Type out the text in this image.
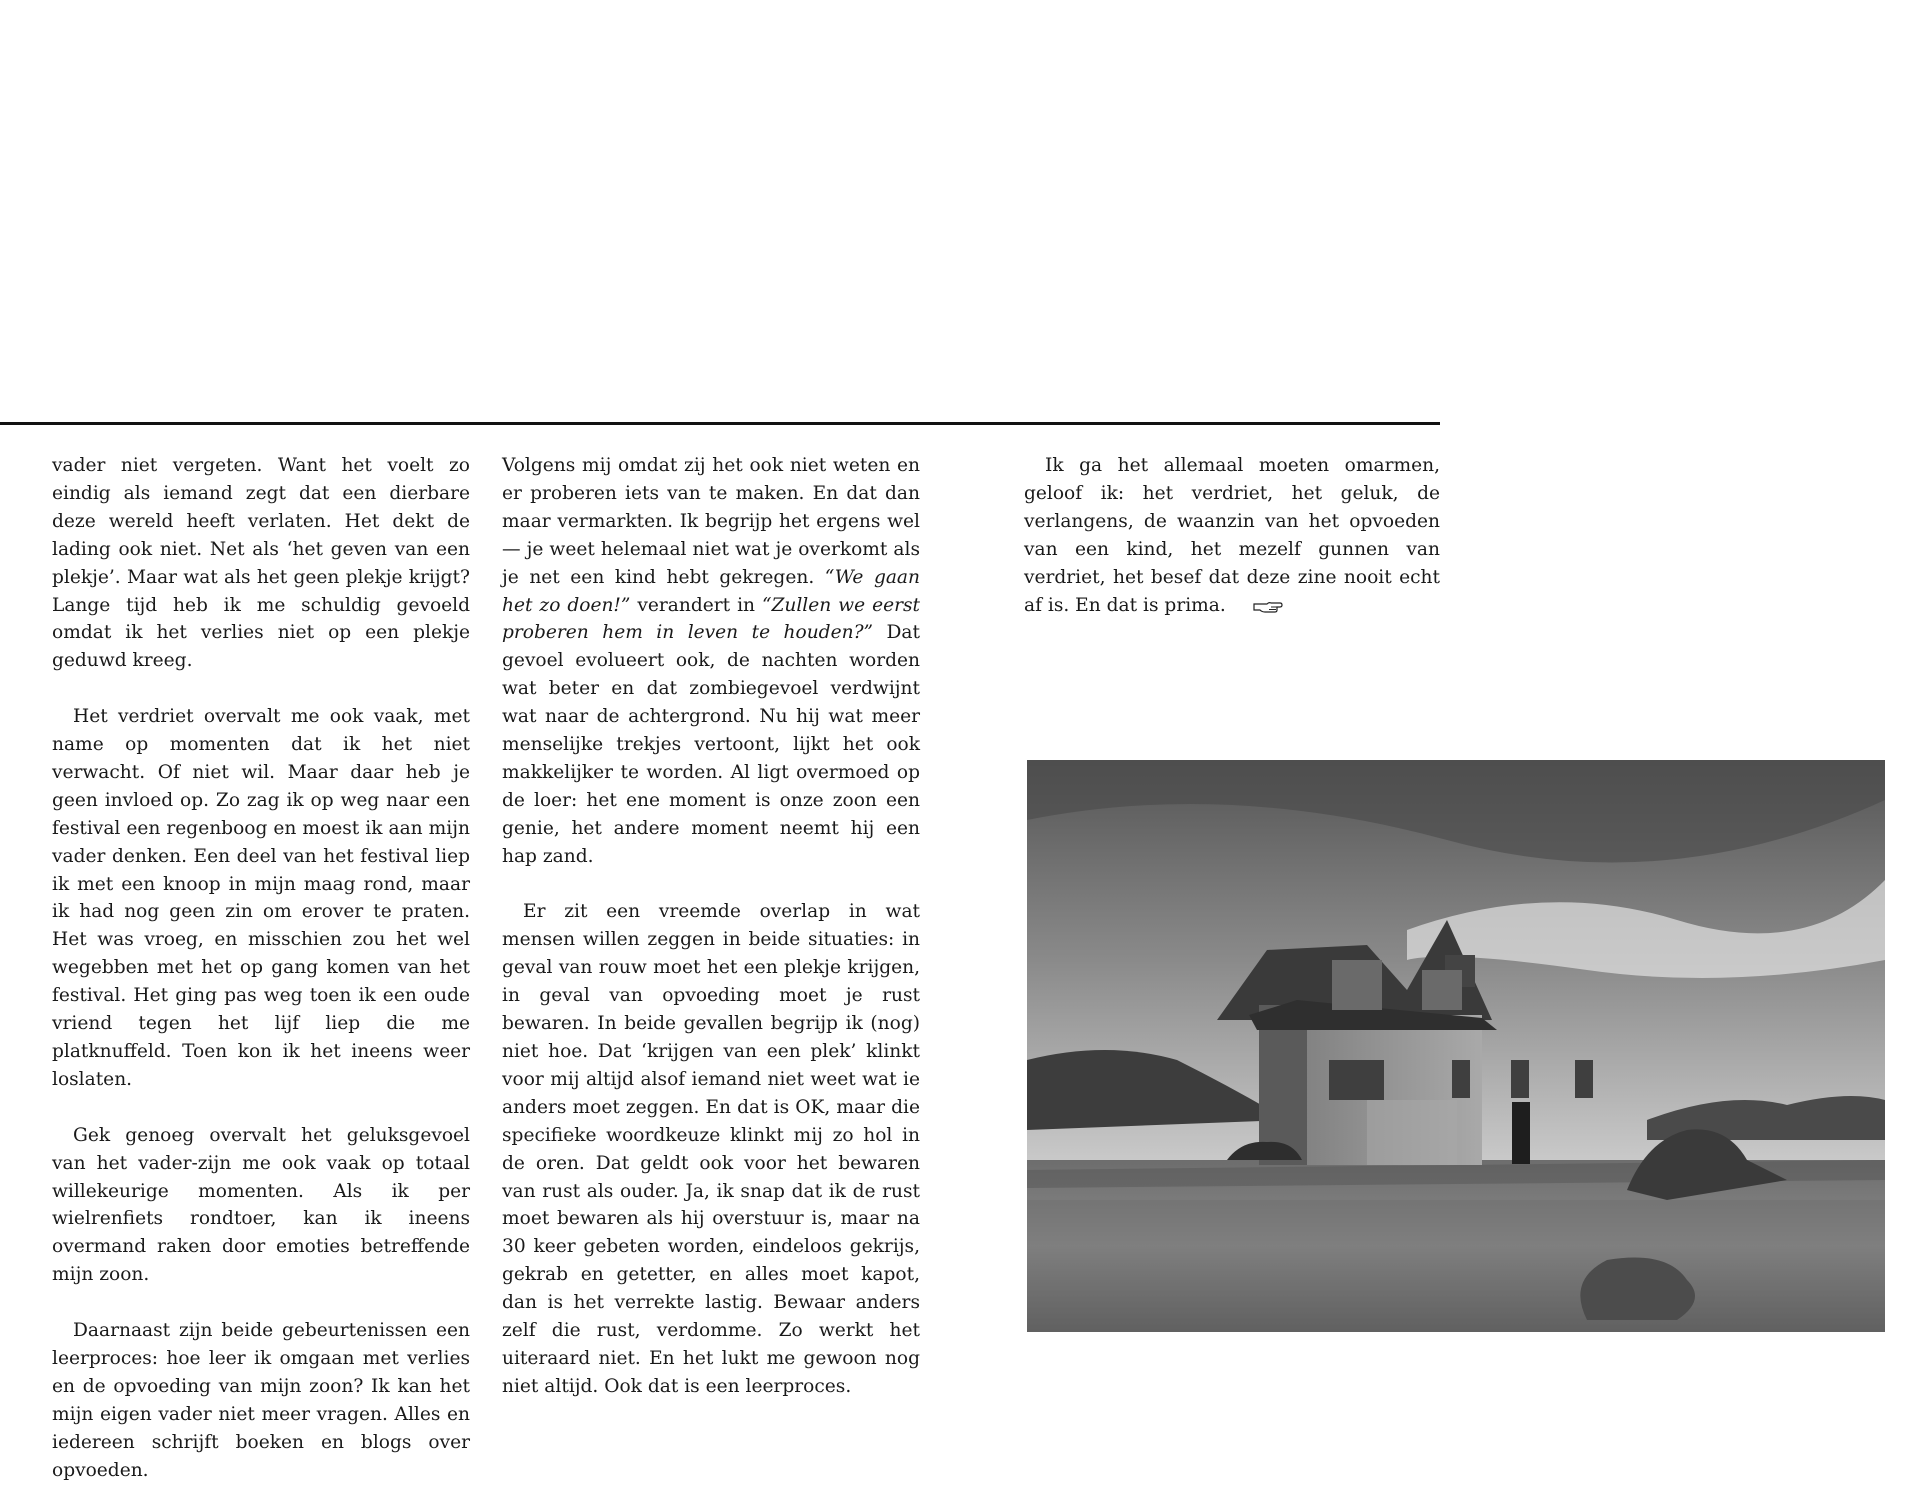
vader niet vergeten. Want het voelt zo eindig als iemand zegt dat een dierbare deze wereld heeft verlaten. Het dekt de lading ook niet. Net als ‘het geven van een plekje’. Maar wat als het geen plekje krijgt? Lange tijd heb ik me schuldig gevoeld omdat ik het verlies niet op een plekje geduwd kreeg.

Het verdriet overvalt me ook vaak, met name op momenten dat ik het niet verwacht. Of niet wil. Maar daar heb je geen invloed op. Zo zag ik op weg naar een festival een regenboog en moest ik aan mijn vader denken. Een deel van het festival liep ik met een knoop in mijn maag rond, maar ik had nog geen zin om erover te praten. Het was vroeg, en misschien zou het wel wegebben met het op gang komen van het festival. Het ging pas weg toen ik een oude vriend tegen het lijf liep die me platknuffeld. Toen kon ik het ineens weer loslaten.

Gek genoeg overvalt het geluksgevoel van het vader-zijn me ook vaak op totaal willekeurige momenten. Als ik per wielrenfiets rondtoer, kan ik ineens overmand raken door emoties betreffende mijn zoon.

Daarnaast zijn beide gebeurtenissen een leerproces: hoe leer ik omgaan met verlies en de opvoeding van mijn zoon? Ik kan het mijn eigen vader niet meer vragen. Alles en iedereen schrijft boeken en blogs over opvoeden.

Volgens mij omdat zij het ook niet weten en er proberen iets van te maken. En dat dan maar vermarkten. Ik begrijp het ergens wel — je weet helemaal niet wat je overkomt als je net een kind hebt gekregen. “We gaan het zo doen!” verandert in “Zullen we eerst proberen hem in leven te houden?” Dat gevoel evolueert ook, de nachten worden wat beter en dat zombiegevoel verdwijnt wat naar de achtergrond. Nu hij wat meer menselijke trekjes vertoont, lijkt het ook makkelijker te worden. Al ligt overmoed op de loer: het ene moment is onze zoon een genie, het andere moment neemt hij een hap zand.

Er zit een vreemde overlap in wat mensen willen zeggen in beide situaties: in geval van rouw moet het een plekje krijgen, in geval van opvoeding moet je rust bewaren. In beide gevallen begrijp ik (nog) niet hoe. Dat ‘krijgen van een plek’ klinkt voor mij altijd alsof iemand niet weet wat ie anders moet zeggen. En dat is OK, maar die specifieke woordkeuze klinkt mij zo hol in de oren. Dat geldt ook voor het bewaren van rust als ouder. Ja, ik snap dat ik de rust moet bewaren als hij overstuur is, maar na 30 keer gebeten worden, eindeloos gekrijs, gekrab en getetter, en alles moet kapot, dan is het verrekte lastig. Bewaar anders zelf die rust, verdomme. Zo werkt het uiteraard niet. En het lukt me gewoon nog niet altijd. Ook dat is een leerproces.

Ik ga het allemaal moeten omarmen, geloof ik: het verdriet, het geluk, de verlangens, de waanzin van het opvoeden van een kind, het mezelf gunnen van verdriet, het besef dat deze zine nooit echt af is. En dat is prima.
